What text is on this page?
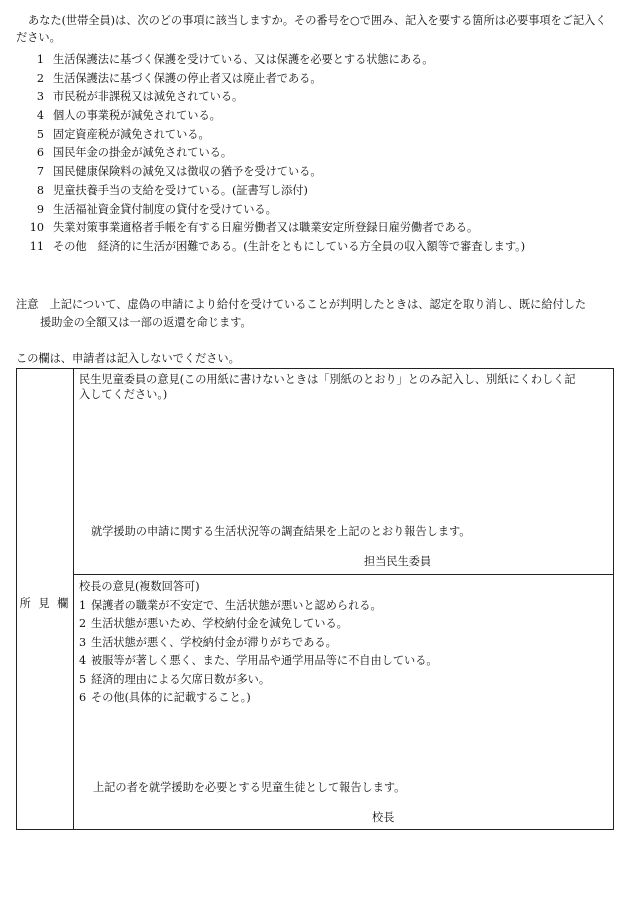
あなた(世帯全員)は、次のどの事項に該当しますか。その番号を○で囲み、記入を要する箇所は必要事項をご記入ください。
1 生活保護法に基づく保護を受けている、又は保護を必要とする状態にある。
2 生活保護法に基づく保護の停止者又は廃止者である。
3 市民税が非課税又は減免されている。
4 個人の事業税が減免されている。
5 固定資産税が減免されている。
6 国民年金の掛金が減免されている。
7 国民健康保険料の減免又は徴収の猶予を受けている。
8 児童扶養手当の支給を受けている。(証書写し添付)
9 生活福祉資金貸付制度の貸付を受けている。
10 失業対策事業適格者手帳を有する日雇労働者又は職業安定所登録日雇労働者である。
11 その他　経済的に生活が困難である。(生計をともにしている方全員の収入額等で審査します。)
注意　上記について、虚偽の申請により給付を受けていることが判明したときは、認定を取り消し、既に給付した
援助金の全額又は一部の返還を命じます。
この欄は、申請者は記入しないでください。
所 見 欄
民生児童委員の意見(この用紙に書けないときは「別紙のとおり」とのみ記入し、別紙にくわしく記
入してください。)
就学援助の申請に関する生活状況等の調査結果を上記のとおり報告します。
担当民生委員
校長の意見(複数回答可)
1 保護者の職業が不安定で、生活状態が悪いと認められる。
2 生活状態が悪いため、学校納付金を減免している。
3 生活状態が悪く、学校納付金が滞りがちである。
4 被服等が著しく悪く、また、学用品や通学用品等に不自由している。
5 経済的理由による欠席日数が多い。
6 その他(具体的に記載すること。)
上記の者を就学援助を必要とする児童生徒として報告します。
校長
